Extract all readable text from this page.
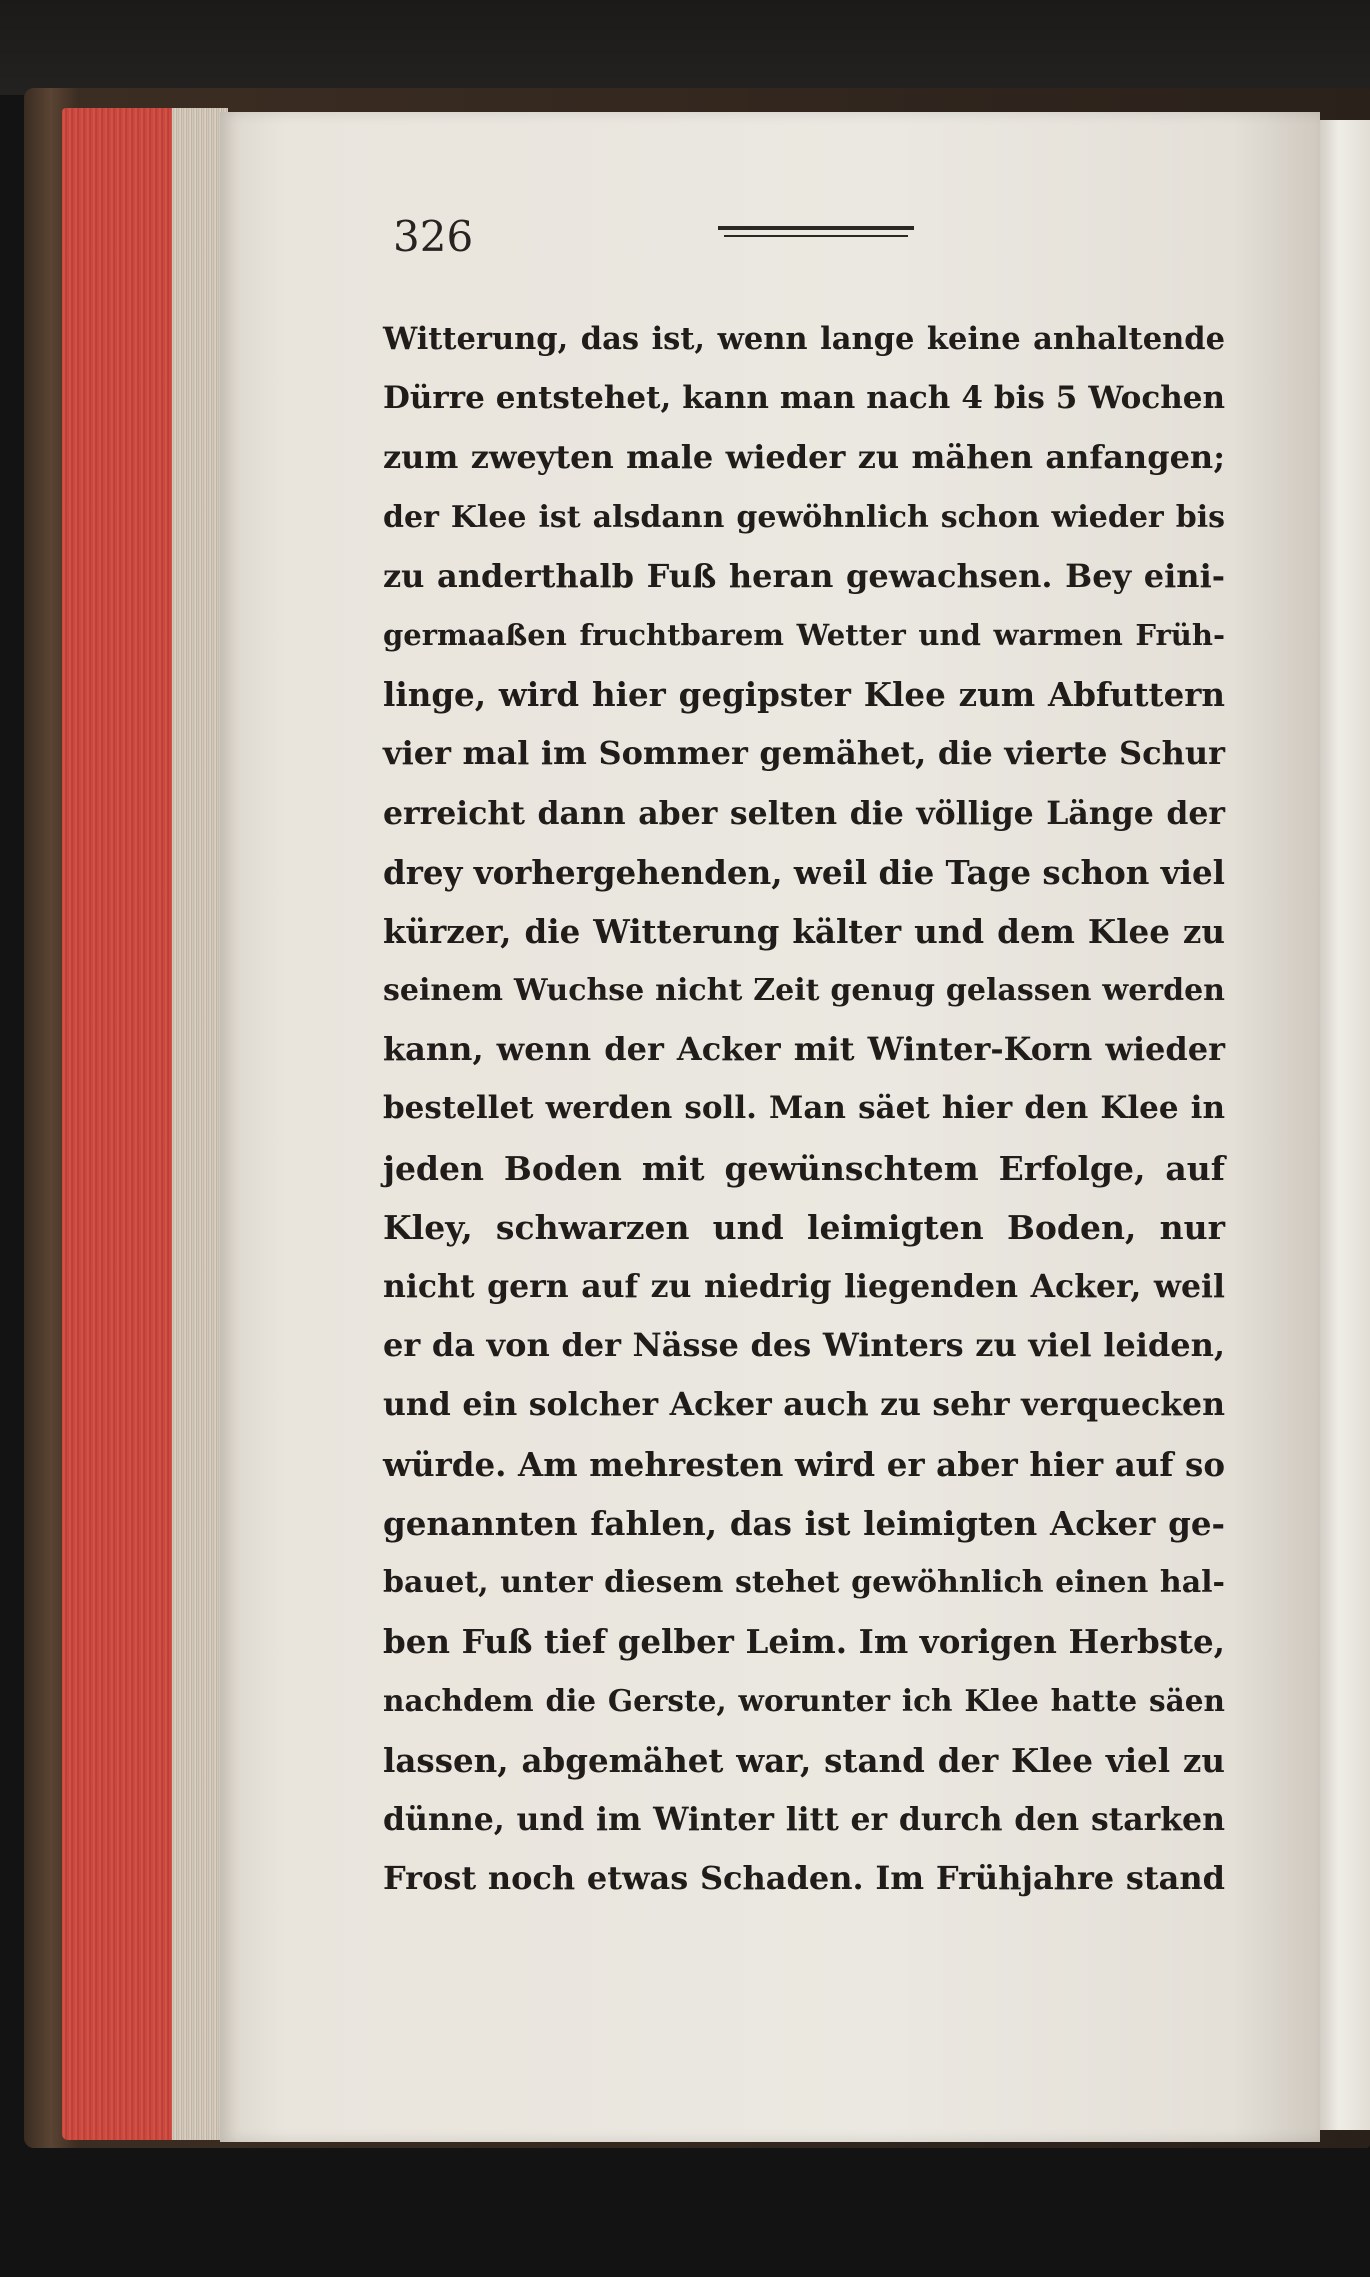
326
Witterung, das ist, wenn lange keine anhaltende
Dürre entstehet, kann man nach 4 bis 5 Wochen
zum zweyten male wieder zu mähen anfangen;
der Klee ist alsdann gewöhnlich schon wieder bis
zu anderthalb Fuß heran gewachsen. Bey eini-
germaaßen fruchtbarem Wetter und warmen Früh-
linge, wird hier gegipster Klee zum Abfuttern
vier mal im Sommer gemähet, die vierte Schur
erreicht dann aber selten die völlige Länge der
drey vorhergehenden, weil die Tage schon viel
kürzer, die Witterung kälter und dem Klee zu
seinem Wuchse nicht Zeit genug gelassen werden
kann, wenn der Acker mit Winter-Korn wieder
bestellet werden soll. Man säet hier den Klee in
jeden Boden mit gewünschtem Erfolge, auf
Kley, schwarzen und leimigten Boden, nur
nicht gern auf zu niedrig liegenden Acker, weil
er da von der Nässe des Winters zu viel leiden,
und ein solcher Acker auch zu sehr verquecken
würde. Am mehresten wird er aber hier auf so
genannten fahlen, das ist leimigten Acker ge-
bauet, unter diesem stehet gewöhnlich einen hal-
ben Fuß tief gelber Leim. Im vorigen Herbste,
nachdem die Gerste, worunter ich Klee hatte säen
lassen, abgemähet war, stand der Klee viel zu
dünne, und im Winter litt er durch den starken
Frost noch etwas Schaden. Im Frühjahre stand
